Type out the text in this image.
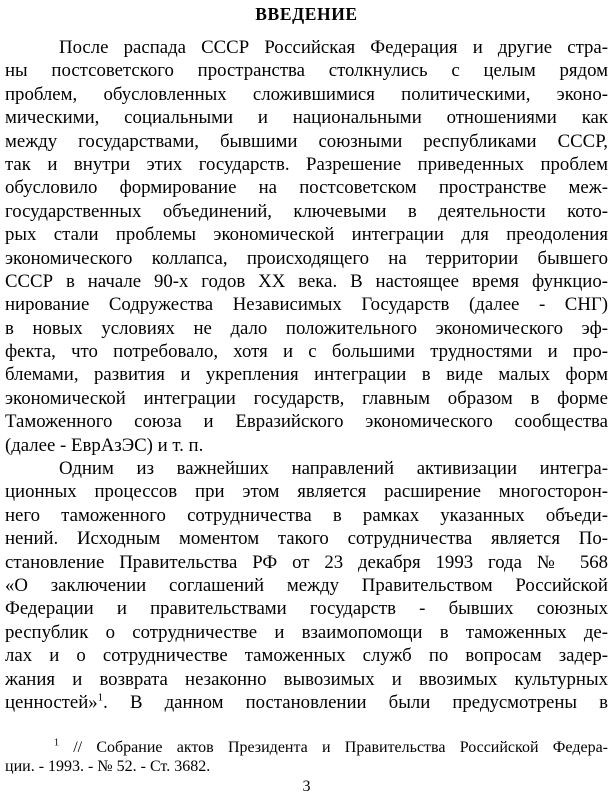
ВВЕДЕНИЕ
После распада СССР Российская Федерация и другие стра-
ны постсоветского пространства столкнулись с целым рядом
проблем, обусловленных сложившимися политическими, эконо-
мическими, социальными и национальными отношениями как
между государствами, бывшими союзными республиками СССР,
так и внутри этих государств. Разрешение приведенных проблем
обусловило формирование на постсоветском пространстве меж-
государственных объединений, ключевыми в деятельности кото-
рых стали проблемы экономической интеграции для преодоления
экономического коллапса, происходящего на территории бывшего
СССР в начале 90-х годов XX века. В настоящее время функцио-
нирование Содружества Независимых Государств (далее - СНГ)
в новых условиях не дало положительного экономического эф-
фекта, что потребовало, хотя и с большими трудностями и про-
блемами, развития и укрепления интеграции в виде малых форм
экономической интеграции государств, главным образом в форме
Таможенного союза и Евразийского экономического сообщества
(далее - ЕврАзЭС) и т. п.
Одним из важнейших направлений активизации интегра-
ционных процессов при этом является расширение многосторон-
него таможенного сотрудничества в рамках указанных объеди-
нений. Исходным моментом такого сотрудничества является По-
становление Правительства РФ от 23 декабря 1993 года № 568
«О заключении соглашений между Правительством Российской
Федерации и правительствами государств - бывших союзных
республик о сотрудничестве и взаимопомощи в таможенных де-
лах и о сотрудничестве таможенных служб по вопросам задер-
жания и возврата незаконно вывозимых и ввозимых культурных
ценностей»$^1$. В данном постановлении были предусмотрены в
$^1$ // Собрание актов Президента и Правительства Российской Федера-
ции. - 1993. - № 52. - Ст. 3682.
3
